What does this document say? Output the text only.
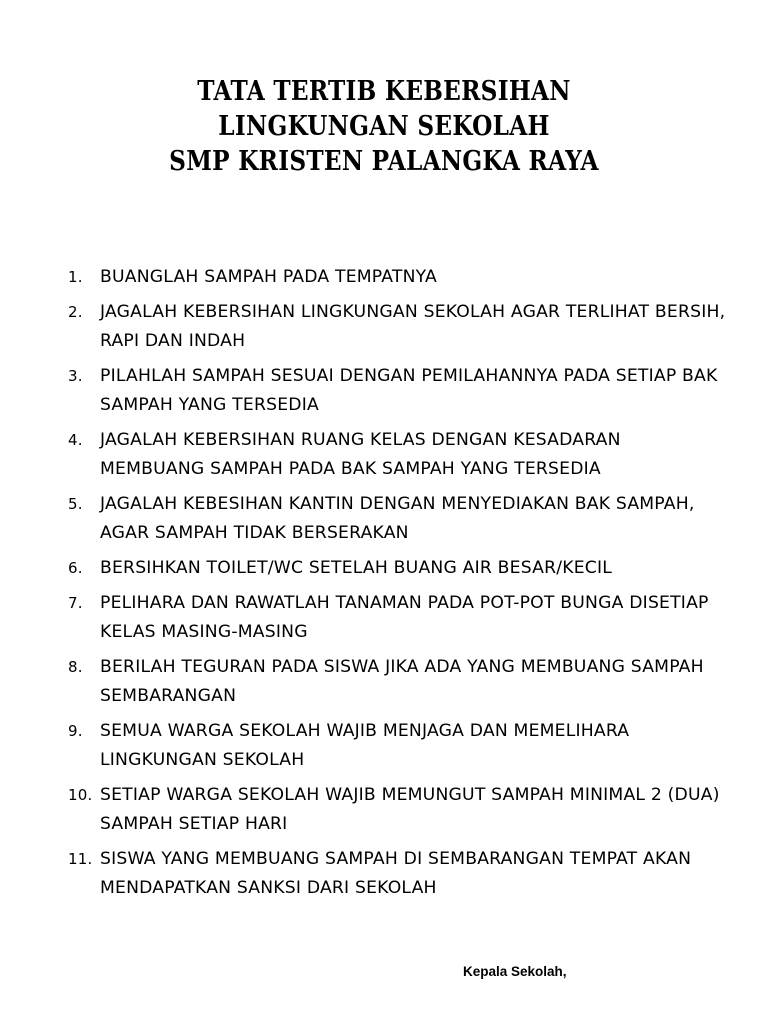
TATA TERTIB KEBERSIHAN
LINGKUNGAN SEKOLAH
SMP KRISTEN PALANGKA RAYA
1. BUANGLAH SAMPAH PADA TEMPATNYA
2. JAGALAH KEBERSIHAN LINGKUNGAN SEKOLAH AGAR TERLIHAT BERSIH, RAPI DAN INDAH
3. PILAHLAH SAMPAH SESUAI DENGAN PEMILAHANNYA PADA SETIAP BAK SAMPAH YANG TERSEDIA
4. JAGALAH KEBERSIHAN RUANG KELAS DENGAN KESADARAN MEMBUANG SAMPAH PADA BAK SAMPAH YANG TERSEDIA
5. JAGALAH KEBESIHAN KANTIN DENGAN MENYEDIAKAN BAK SAMPAH, AGAR SAMPAH TIDAK BERSERAKAN
6. BERSIHKAN TOILET/WC SETELAH BUANG AIR BESAR/KECIL
7. PELIHARA DAN RAWATLAH TANAMAN PADA POT-POT BUNGA DISETIAP KELAS MASING-MASING
8. BERILAH TEGURAN PADA SISWA JIKA ADA YANG MEMBUANG SAMPAH SEMBARANGAN
9. SEMUA WARGA SEKOLAH WAJIB MENJAGA DAN MEMELIHARA LINGKUNGAN SEKOLAH
10. SETIAP WARGA SEKOLAH WAJIB MEMUNGUT SAMPAH MINIMAL 2 (DUA) SAMPAH SETIAP HARI
11. SISWA YANG MEMBUANG SAMPAH DI SEMBARANGAN TEMPAT AKAN MENDAPATKAN SANKSI DARI SEKOLAH
Kepala Sekolah,
